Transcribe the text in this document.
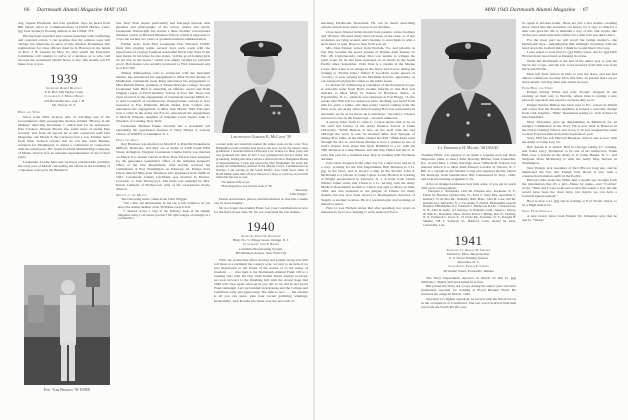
66 Dartmouth Alumni Magazine MAY 1943

dog, Sophie Elizabeth, and four goldfish. Says he heard from Bill Snead, who's in Communications at Dutch Harbor. Lieut. (jg) Jack Slattery's floating address is the USMC 373.

Having been snatched and counter-snatched with conflicting and canceled orders, I can promise that my address soon will change, but otherwise no news of this chicken. Remember that nominations for class officers must be in Hanover in the hands of Prof. J. B. Stearns by May 15, after which the Executive Committee will attempt to arrive at a decision as to who will succeed the incumbent Media News is also this month, but I'll make it up to you.

1939
Secretary, Robert Dickinson
P. O. Box 349, Derby, Conn.
Class Agent, J. Moreau Brown
219 Brookside Ave., Apt. 1 H
Mt. Vernon, N. Y.

Here and There

News from Dick Jackson tells of watching one of the Government's daily propaganda movies entitled "History in the Making" depicting December 7, which had for its announcer, Pete Cardozo. Moreau Brown also sends news of seeing Pete recently, and from all reports he is still connected with Life Magazine. On March 8 the Cardozos had a son. Further news from Dick Jackson reveals that he ran into Glen Burnap, recruited for Washington to attend a conference in connection with his employers, The South Portland Shipbuilding Company, of Maine. Glen is now an assistant superintendent of one of their yards.

Lieutenant Gordie McCoun received considerable publicity the early part of March concerning his efforts in the bombing of a Japanese convoy in the Bismarck

Ens. Tom Brooks '39 USNR

Sea. New York papers particularly had full-page spreads with sketches and photographs of the action, planes and pilots. Lieutenant Wainwright has started a three months' concentrated business course at Harvard Business School, which is supposed to cover the normal two years of graduate business administration.

Further news from First Lieutenant Don Wheaton USMC finds him playing tennis several days each week with the expectation of playing foremost Australian Davis Cup Stars in the near future. In his letter, he also states, "All the good-looking girls do not live in the States," which was amply verified by pictorial proof. Bob Kaiser was recently promoted to First Lieutenant and is at Fort Sill.

Whitey Edmondson, who is connected with the merchant marine, has announced his engagement to Miss Evelyn Kelley of Manhasset. Lieutenant Gene King announces his engagement to Miss Harriet Ehlers, graduate of Mount Holyoke college. Second Lieutenant Sam Hird is attending an officers' sound and flash ranging course at Field Artillery School at Fort Sill. News has been received of the engagement of Lieutenant George Miller Jr., to Ann Goodrich of Germantown, Pennsylvania. George is now stationed at Fort Wetherill, Rhode Island. Don Collyer also announces his engagement to Miss Jane Harris. Walt Falconer, now a cadet in the Army Air Forces, announced his engagement to Marcia Wheeler, daughter of Supreme Court Justice John C. Wheeler, of Corning, New York.

Lieutenant Herman Fenke certainly has a wonderful job explaining the operational features of Navy blimps to various classes of WAVES at Lakehurst, N. J.

Down the Aisle

Ray Harrison was married on March 8 to Priscilla Drakeme in Milford, Delaware, and they are at home at 2108 South Fifth Street, Arlington, Virginia. Lieutenant Charlie Davis was married on March 8 to Jeanne Garvin in New York. He has been assigned for the personnel consultant's office of the Adjutant General's office of the War Department, after having received his commission at Fort Washington on February 24. Ensign Fred Upton married Miss Jean Thomson who graduated from Smith in 1941. Lieutenant Johnny Litchfield was married in Denver, Colorado, to Jean Thornycoys. The bride was attended by Mrs. Ernest Lubitsch of Hollywood, wife of the well-known movie director.

Writer of the Month

The following letter comes from Clint Wiggin:

"Just a line, and unfortunately no fun one to this column to let you know that another member of the '39 Marine Corps is O.K.

"I chanced across a copy of the February issue of the Alumni Magazine today, I can assure you that I felt right twinges of nostalgia as I sat beneath a

Lieutenant Gordon K. McCoun '39

coconut palm and waterfalls studied the winter scene on the cover. New Hampshire would certainly look good to me now. As for my history since graduation: I attended Boston University Law School for three years and was graduated last June. In fact, I was graduated but did not return, but graduating. During that time I served a term in the New Hampshire House of Representatives. I took and passed the New Hampshire bar exam last spring and immediately enlisted in the Marine Corps. Commissioned in October, I am serving in the South Pacific. Saw Chief Steve Sims of North Maine some time off now. However, I hope to catch up on lost time when this fun war is over.

"No married life as yet.

"Best Regards to you and the class of '39.

"Sincerely,

"Clint Wiggin."

Please send letters, photos and information so that this column can be more lengthy.

Do not forget the Alumni Fund. Get your contributions in now for the fund closes June 30. Do not wait until the last minute.

1940
Secretary, David W. Davenport
Bldg. No. 5, Village Green, Orange, N. J.
Class Agent, John F. Rourke
Columbia Broadcasting System,
485 Madison Avenue, New York City

With our production effort moving less jerkily along and with toil more at a premium the country over, we turn to an item of no less importance to the future of the nation or to the safety of freedom . . . . that item is the Dartmouth Alumni Fund. Off to a running start with the first 1940 Indian Drum already received, we look forward to the finishing bell with the strong hope that 1940 will once again wind up in pay dirt as we did in last year's Fund campaign. Let's get behind Jack Rourke and the College and contribute early and generously. The time is now . . . the amount is all you can spare, plus your vacant gambling winnings. Incidentally, Jack Rourke has taken over the new task of

MAY 1943 Dartmouth Alumni Magazine 67

narrating Paramount Newsreels. He can be heard describing certain current news items at your local cinemas.

Class news filtered in this month from parents, wives, brothers and '40 men. We need many more pictures of the class, so if any snapshots are lying around, don't hesitate to send them in with a short letter or note. Hope to hear from you all.

Mrs. Don Tenney writes from Norfolk, Va., and informs us that they became the proud parents of Dennis Alan Tenney on Feb. 28. Unfortunately, father Don was unable to witness the great event for he has been stationed on an island in the South Pacific since September, 1942. Don is a captain in the Marine Corps. Bob Lake is an ensign in the Navy and is now taking his training at "Prairie State." Walter F. Goodrich, better known as "Goody," is now serving in the Maritime Service, apparently on our transports plying the routes to the battle zones.

Lt. Robert W. Armstrong is a member of the Parachute troops. A welcome letter from Bob's brother informs us that Bob was married to Miss Mary O. Kanan of Boylston, Mass., at Fayetteville, N. C., while he was stationed at Fort Bragg. "A few weeks later Bob left for unknown parts. Nothing was heard from him for quite a while, and then letters started coming from the West coast. An Army cable arrived saying Bob was somewhere in Australia. As far as we know, he is still there." Second Lt. Chester Garrison is also in the Paratroops—location unknown.

A newsy letter from Lt. John L. Cowan shows him to be on the staff and faculty of the Army Finance School at Duke University. "Kirth Benson is also on the staff with me and although the news is late, he married Miss Jean Sprague of Shaker H'ts, Ohio, in the Duke Chapel last Fall." Hank Dold went through the O.C.S. and Glenn Burnap is now a student in one of Jack's classes. Jack states that Norb Hamilton is a Lt. with the 78th Division at Camp Butner, and that Ray Hellar left the U. S. early this year for a northern base. Ray is working with Northeast Airlines.

Jack Little dropped in the other day for a short hour and he is a corp. working for the War Department. Bob Harrison is a Lt. (jg) in the Navy and is aboard a ship in the Pacific. John F. McDonald is a private at Camp Upton. Lewis Hodson is working at Wright Aeronautical in Paterson, N. J. A letter from Chuck Wilde's father states that Chuck is a Lt. serving with the Army Medical Detachment in Africa. Chuck was sent to Africa in June, 1942, and was stationed in the jungles of Liberia for many months but has now been moved to Headquarters Services of Supply at another location. He is a parasitologist and working on malaria control.

First Lt. Les Nichols writes that after spending two years on maneuvers, he is now helping to write Armored Force

Lt. Frederick H. Michel '40 USAAC

Training Films. Les expects to be made a Captain soon but more important, plans to marry Miss Dorothy Brinser from Louisville, Ky., around May 1. Other marriage news: William B. Watson was married March 6 to Miss Ruth Eleanor Gordon of Verona, N. J. Bill is a captain in the Marine Corps and returned shortly before his marriage from Guadalcanal. Bill volunteered in Sept., 1940, and took his training at Quantico, Va.

A list of changed addresses may help some of you get in touch with each correspondent:

Theodore L. Batchelder, 1422 Mt. Pleasant Ave., Rochester, N. Y.; Edwin M. Bourbon, Lyndon-ville, Vt.; Earle S. Jones Pike, Apartment C, Duxbury, 72 Ox Box Rd., Wellesley Hills, Mass.; John M. Case, 100 Mt. Kendall Ave., Montclair, N. J.; Dr. Arthur S. French, Philadelphia General Hospital, Philadelphia, Pa.; Frederick J. Hitchcock, R.F.D. 1 Charlestown, N. H.; John W. Kelly, 113 Glenway St. Hamden, Conn.; James L. Moore, 20 Mill St., Brookline, Mass.; Robert David J. Pilling, Box 97, Pawling, N. Y.; Frederick C. Rowe Jr., 75 Circle Rd., Scarsdale, N. Y.; Douglas B. Skinner, 748 S. Somerset St., Hartford, Conn.; Robert M. Petty, Carbondale, Colo.

1941
Secretary, Lt. Ronald H. Stillman
Instructor, Photo Interpretation,
U. S. Naval Training Station,
Anacostia, D. C.
Class Agent, Thomas E. Golden
40 Walnut Street, Evansville, Indiana

The Navy Department reported on March 25 that Lt. (jg) William C. Bailey had been killed in action.

Bill joined the Navy Air Corps during his senior year and after graduation reported for training at Floyd Bennett Field. He received his wings in March, 1942.

Attached to a fighter squadron, he served with the Naval forces in the occupation of Casablanca. The last word received from him was from the South Pacific area.

So again is stricken home. There are just a few details—nothing more. News like this wrenches our hearts, for it says so little for a man who gave his life to maintain a way of life. Our words, like all the rest, seem such little tribute for a man who has died a hero.

For the most part we will recall the fading memory—the Dartmouth days—remembering him smilingly marching with the band down the football field. I think he would like it that way.

I also regret to state that Lt. (jg) Wally Jones, and Lt. (jg) Dick Howard have been listed as missing in action.

Wally left Dartmouth at the end of his junior year to join the Naval Air Corps, and the last word received from him was from the South Pacific.

Dick left Tuck School in 1941 to join the Navy, and has had almost continuous sea duty since that time. At present there are no more details, but may their safe return be soon.

From Here and There

Ensign Johnny White and wife "Podge" dropped in one evening on their way to Norfolk, where John is joining a new naval air squadron and expects overseas duty soon.

Ensign Warren Bishop has been sent to P.C. school in Miami and writes that the Florida sunshine is indeed a welcome change from cold Argentia. "Bish" mentioned seeing Lt. Jack Schwer in Newfoundland.

Marv McGinley gave up shipbuilding in Baltimore for an ensign's commission in the Navy. He is now back in Hanover in the Naval Training School, and to top it all was assigned the same room in Fayerweather he had his Sophomore year.

Stacy Hill has left Harvard Business School and is now with the Army at Camp Lee, Va.

Bob Austin is at Abbott Hall in Chicago taking V-7 training, and found Larry Thompson to be one of his instructors. Frank Hall, now a private in the Army, is at Camp Butner, N. C., and Sergeant Dave McKinney is with the Army Map Service in Washington.

New Ensign Jack Guenther of the CB's not long ago, and he mentioned the fact that Ensign Jack Dever is also with a construction battalion outfit in the Pacific.

Harvey's hint about the Willis heir a month ago brought forth the information that it's a girl—Diane by name—and "Colchie" wrote, "Bent and I were both sure so that she wasn't a boy, but she would have been the class baby, but maybe we can have a Carnival Queen instead."

Boot is now a Lt. (jg) and is training at Fort Worth, Texas, to be a flight instructor.

News From Overseas

A nice newsy letter from Ensign Vic Schneider says that he and Lt. "Monk"
